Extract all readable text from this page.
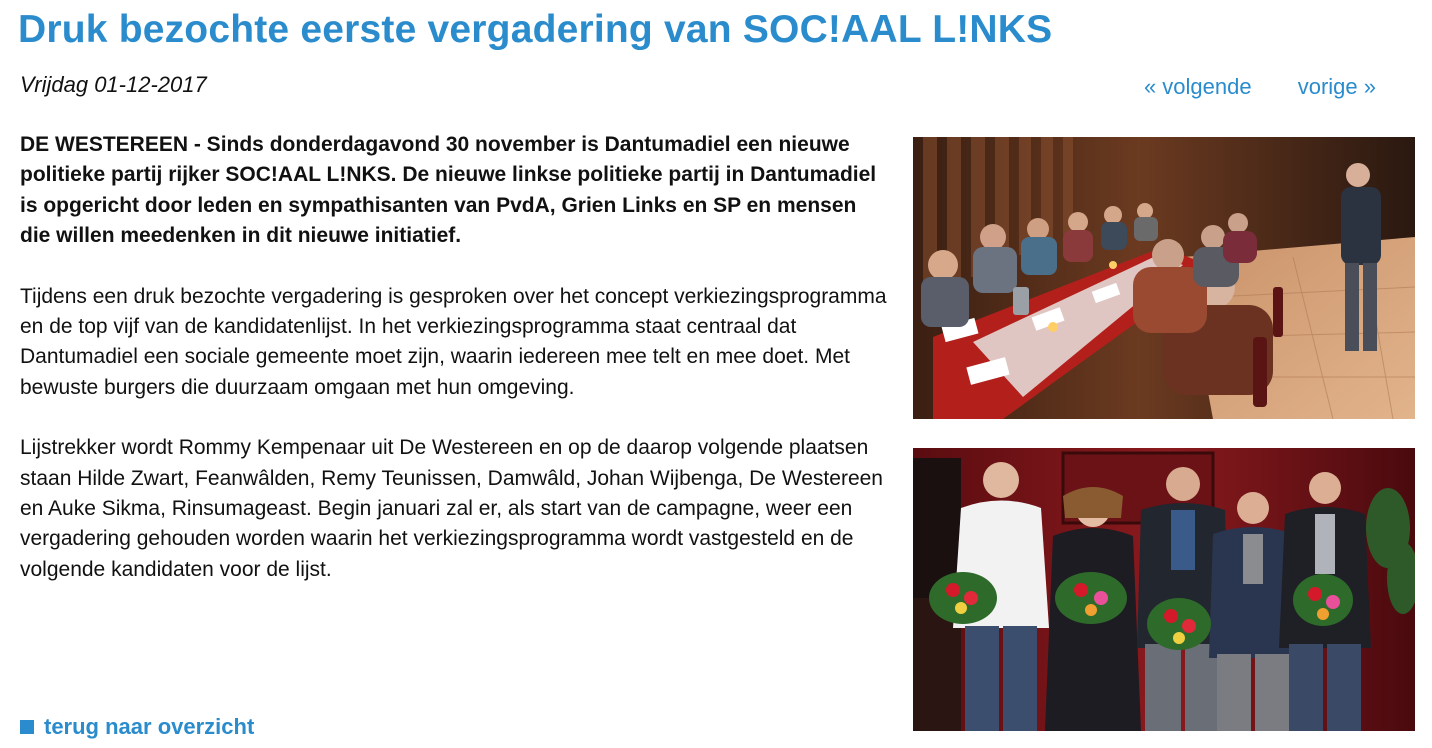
Druk bezochte eerste vergadering van SOC!AAL L!NKS
Vrijdag 01-12-2017	« volgende vorige »

DE WESTEREEN - Sinds donderdagavond 30 november is Dantumadiel een nieuwe politieke partij rijker SOC!AAL L!NKS. De nieuwe linkse politieke partij in Dantumadiel is opgericht door leden en sympathisanten van PvdA, Grien Links en SP en mensen die willen meedenken in dit nieuwe initiatief.

Tijdens een druk bezochte vergadering is gesproken over het concept verkiezingsprogramma en de top vijf van de kandidatenlijst. In het verkiezingsprogramma staat centraal dat Dantumadiel een sociale gemeente moet zijn, waarin iedereen mee telt en mee doet. Met bewuste burgers die duurzaam omgaan met hun omgeving.

Lijstrekker wordt Rommy Kempenaar uit De Westereen en op de daarop volgende plaatsen staan Hilde Zwart, Feanwâlden, Remy Teunissen, Damwâld, Johan Wijbenga, De Westereen en Auke Sikma, Rinsumageast. Begin januari zal er, als start van de campagne, weer een vergadering gehouden worden waarin het verkiezingsprogramma wordt vastgesteld en de volgende kandidaten voor de lijst.

terug naar overzicht
